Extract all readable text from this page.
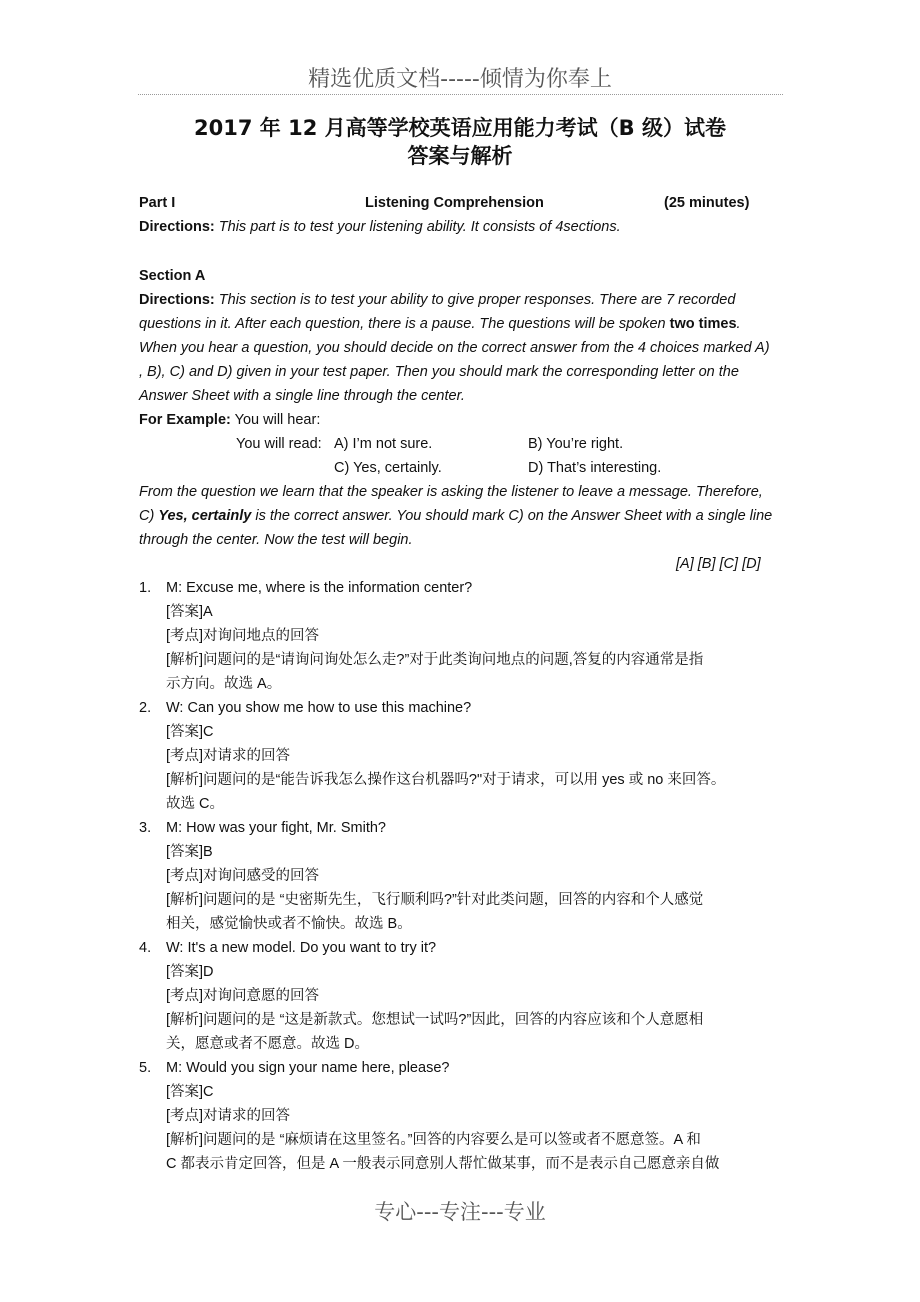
精选优质文档-----倾情为你奉上
2017 年 12 月高等学校英语应用能力考试（B 级）试卷
答案与解析
Part I	Listening Comprehension	(25 minutes)
Directions: This part is to test your listening ability. It consists of 4sections.
Section A
Directions: This section is to test your ability to give proper responses. There are 7 recorded
questions in it. After each question, there is a pause. The questions will be spoken two times.
When you hear a question, you should decide on the correct answer from the 4 choices marked A)
, B), C) and D) given in your test paper. Then you should mark the corresponding letter on the
Answer Sheet with a single line through the center.
For Example: You will hear:
You will read: A) I’m not sure.	B) You’re right.
C) Yes, certainly.	D) That’s interesting.
From the question we learn that the speaker is asking the listener to leave a message. Therefore,
C) Yes, certainly is the correct answer. You should mark C) on the Answer Sheet with a single line
through the center. Now the test will begin.
[A] [B] [C] [D]
1. M: Excuse me, where is the information center?
[答案]A
[考点]对询问地点的回答
[解析]问题问的是“请询问询处怎么走?”对于此类询问地点的问题,答复的内容通常是指
示方向。故选 A。
2. W: Can you show me how to use this machine?
[答案]C
[考点]对请求的回答
[解析]问题问的是“能告诉我怎么操作这台机器吗?"对于请求，可以用 yes 或 no 来回答。
故选 C。
3. M: How was your fight, Mr. Smith?
[答案]B
[考点]对询问感受的回答
[解析]问题问的是 “史密斯先生，飞行顺利吗?”针对此类问题，回答的内容和个人感觉
相关，感觉愉快或者不愉快。故选 B。
4. W: It's a new model. Do you want to try it?
[答案]D
[考点]对询问意愿的回答
[解析]问题问的是 “这是新款式。您想试一试吗?”因此，回答的内容应该和个人意愿相
关，愿意或者不愿意。故选 D。
5. M: Would you sign your name here, please?
[答案]C
[考点]对请求的回答
[解析]问题问的是 “麻烦请在这里签名。”回答的内容要么是可以签或者不愿意签。A 和
C 都表示肯定回答，但是 A 一般表示同意别人帮忙做某事，而不是表示自己愿意亲自做
专心---专注---专业
